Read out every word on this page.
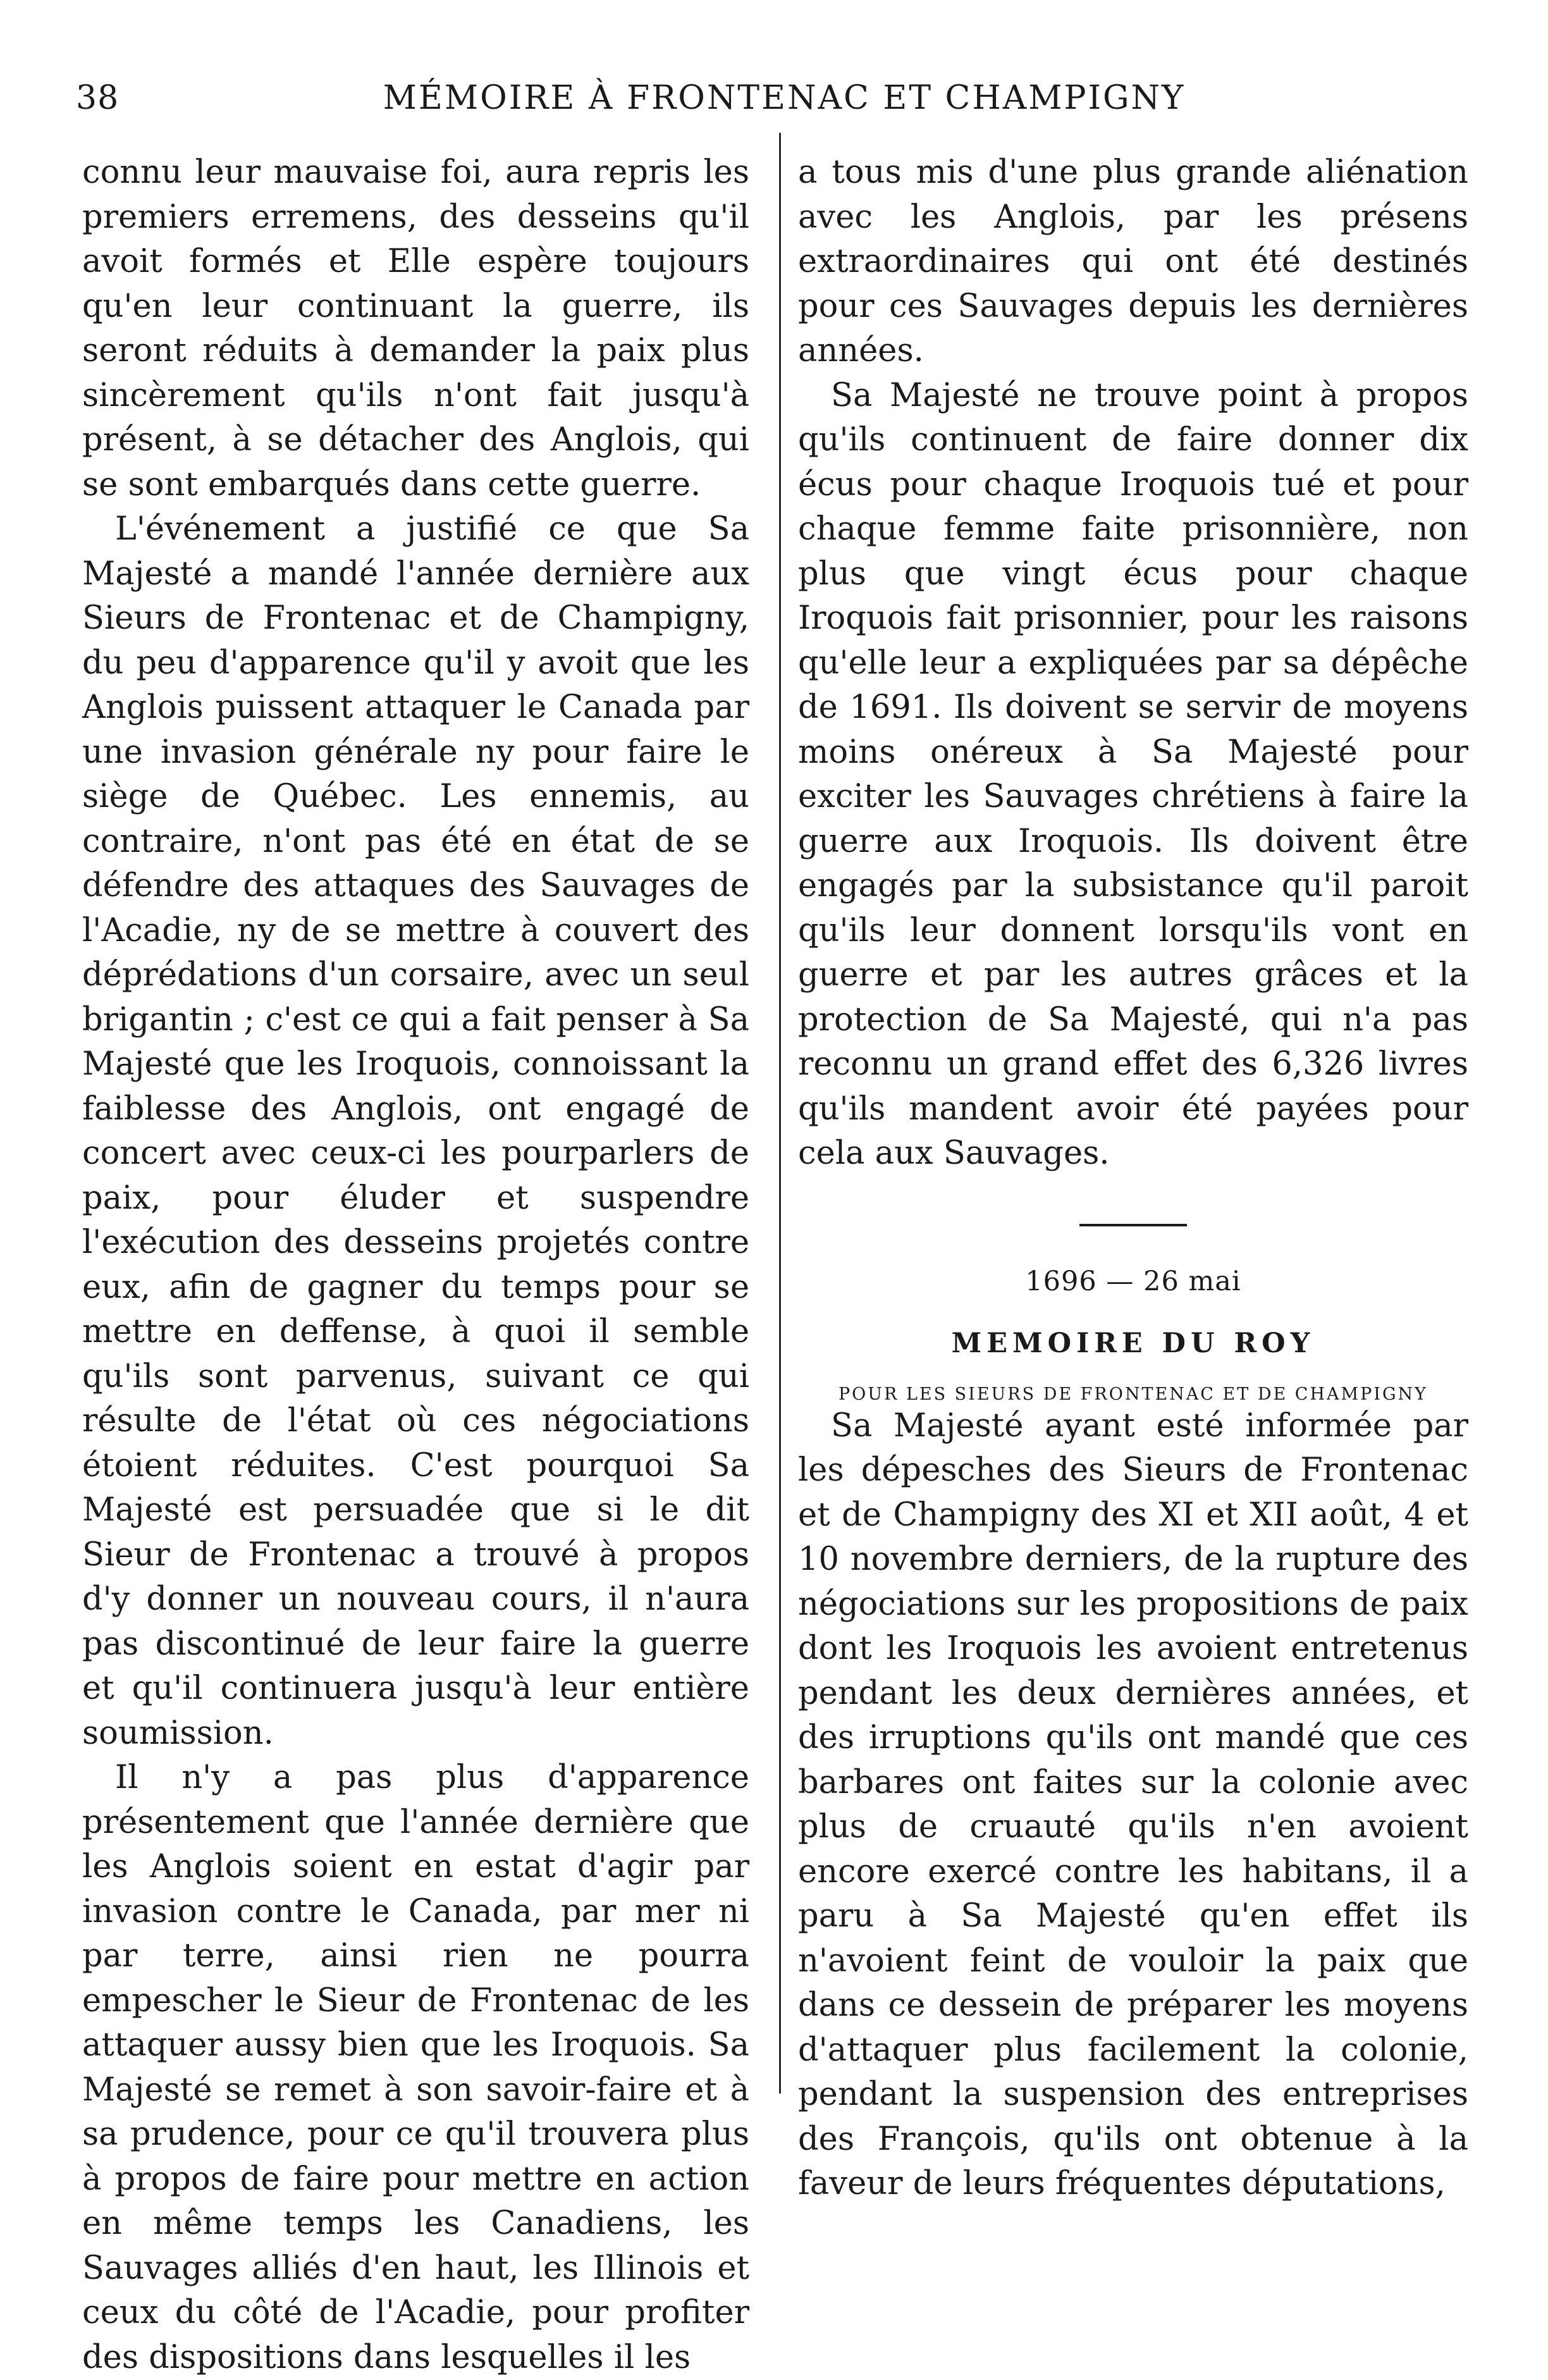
38	MÉMOIRE À FRONTENAC ET CHAMPIGNY

connu leur mauvaise foi, aura repris les premiers erremens, des desseins qu'il avoit formés et Elle espère toujours qu'en leur continuant la guerre, ils seront réduits à demander la paix plus sincèrement qu'ils n'ont fait jusqu'à présent, à se détacher des Anglois, qui se sont embarqués dans cette guerre.

L'événement a justifié ce que Sa Majesté a mandé l'année dernière aux Sieurs de Frontenac et de Champigny, du peu d'apparence qu'il y avoit que les Anglois puissent attaquer le Canada par une invasion générale ny pour faire le siège de Québec. Les ennemis, au contraire, n'ont pas été en état de se défendre des attaques des Sauvages de l'Acadie, ny de se mettre à couvert des déprédations d'un corsaire, avec un seul brigantin ; c'est ce qui a fait penser à Sa Majesté que les Iroquois, connoissant la faiblesse des Anglois, ont engagé de concert avec ceux-ci les pourparlers de paix, pour éluder et suspendre l'exécution des desseins projetés contre eux, afin de gagner du temps pour se mettre en deffense, à quoi il semble qu'ils sont parvenus, suivant ce qui résulte de l'état où ces négociations étoient réduites. C'est pourquoi Sa Majesté est persuadée que si le dit Sieur de Frontenac a trouvé à propos d'y donner un nouveau cours, il n'aura pas discontinué de leur faire la guerre et qu'il continuera jusqu'à leur entière soumission.

Il n'y a pas plus d'apparence présentement que l'année dernière que les Anglois soient en estat d'agir par invasion contre le Canada, par mer ni par terre, ainsi rien ne pourra empescher le Sieur de Frontenac de les attaquer aussy bien que les Iroquois. Sa Majesté se remet à son savoir-faire et à sa prudence, pour ce qu'il trouvera plus à propos de faire pour mettre en action en même temps les Canadiens, les Sauvages alliés d'en haut, les Illinois et ceux du côté de l'Acadie, pour profiter des dispositions dans lesquelles il les

a tous mis d'une plus grande aliénation avec les Anglois, par les présens extraordinaires qui ont été destinés pour ces Sauvages depuis les dernières années.

Sa Majesté ne trouve point à propos qu'ils continuent de faire donner dix écus pour chaque Iroquois tué et pour chaque femme faite prisonnière, non plus que vingt écus pour chaque Iroquois fait prisonnier, pour les raisons qu'elle leur a expliquées par sa dépêche de 1691. Ils doivent se servir de moyens moins onéreux à Sa Majesté pour exciter les Sauvages chrétiens à faire la guerre aux Iroquois. Ils doivent être engagés par la subsistance qu'il paroit qu'ils leur donnent lorsqu'ils vont en guerre et par les autres grâces et la protection de Sa Majesté, qui n'a pas reconnu un grand effet des 6,326 livres qu'ils mandent avoir été payées pour cela aux Sauvages.

1696 — 26 mai
MEMOIRE DU ROY
POUR LES SIEURS DE FRONTENAC ET DE CHAMPIGNY

Sa Majesté ayant esté informée par les dépesches des Sieurs de Frontenac et de Champigny des XI et XII août, 4 et 10 novembre derniers, de la rupture des négociations sur les propositions de paix dont les Iroquois les avoient entretenus pendant les deux dernières années, et des irruptions qu'ils ont mandé que ces barbares ont faites sur la colonie avec plus de cruauté qu'ils n'en avoient encore exercé contre les habitans, il a paru à Sa Majesté qu'en effet ils n'avoient feint de vouloir la paix que dans ce dessein de préparer les moyens d'attaquer plus facilement la colonie, pendant la suspension des entreprises des François, qu'ils ont obtenue à la faveur de leurs fréquentes députations,
